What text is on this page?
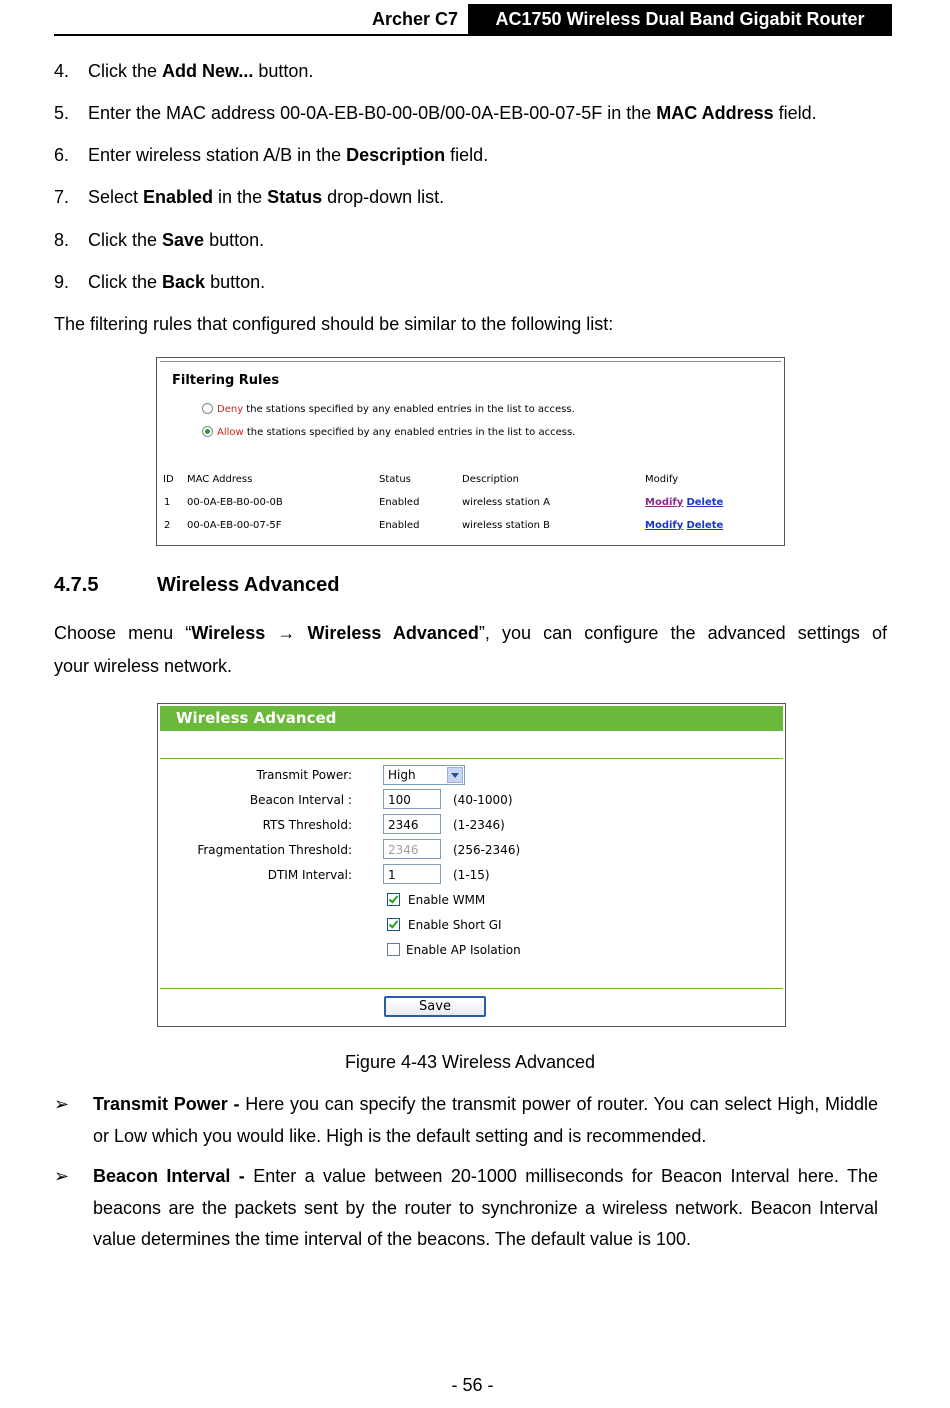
Archer C7	AC1750 Wireless Dual Band Gigabit Router
4. Click the Add New... button.
5. Enter the MAC address 00-0A-EB-B0-00-0B/00-0A-EB-00-07-5F in the MAC Address field.
6. Enter wireless station A/B in the Description field.
7. Select Enabled in the Status drop-down list.
8. Click the Save button.
9. Click the Back button.
The filtering rules that configured should be similar to the following list:
Filtering Rules
Deny the stations specified by any enabled entries in the list to access.
Allow the stations specified by any enabled entries in the list to access.
ID MAC Address	Status	Description	Modify
1 00-0A-EB-B0-00-0B	Enabled	wireless station A	Modify Delete
2 00-0A-EB-00-07-5F	Enabled	wireless station B	Modify Delete
4.7.5	Wireless Advanced
Choose menu “Wireless → Wireless Advanced”, you can configure the advanced settings of
your wireless network.
Wireless Advanced
Transmit Power:	High
Beacon Interval :	100	(40-1000)
RTS Threshold:	2346	(1-2346)
Fragmentation Threshold:	2346	(256-2346)
DTIM Interval:	1	(1-15)
Enable WMM
Enable Short GI
Enable AP Isolation
Save
Figure 4-43 Wireless Advanced
➢ Transmit Power - Here you can specify the transmit power of router. You can select High, Middle or Low which you would like. High is the default setting and is recommended.
➢ Beacon Interval - Enter a value between 20-1000 milliseconds for Beacon Interval here. The beacons are the packets sent by the router to synchronize a wireless network. Beacon Interval value determines the time interval of the beacons. The default value is 100.
- 56 -
